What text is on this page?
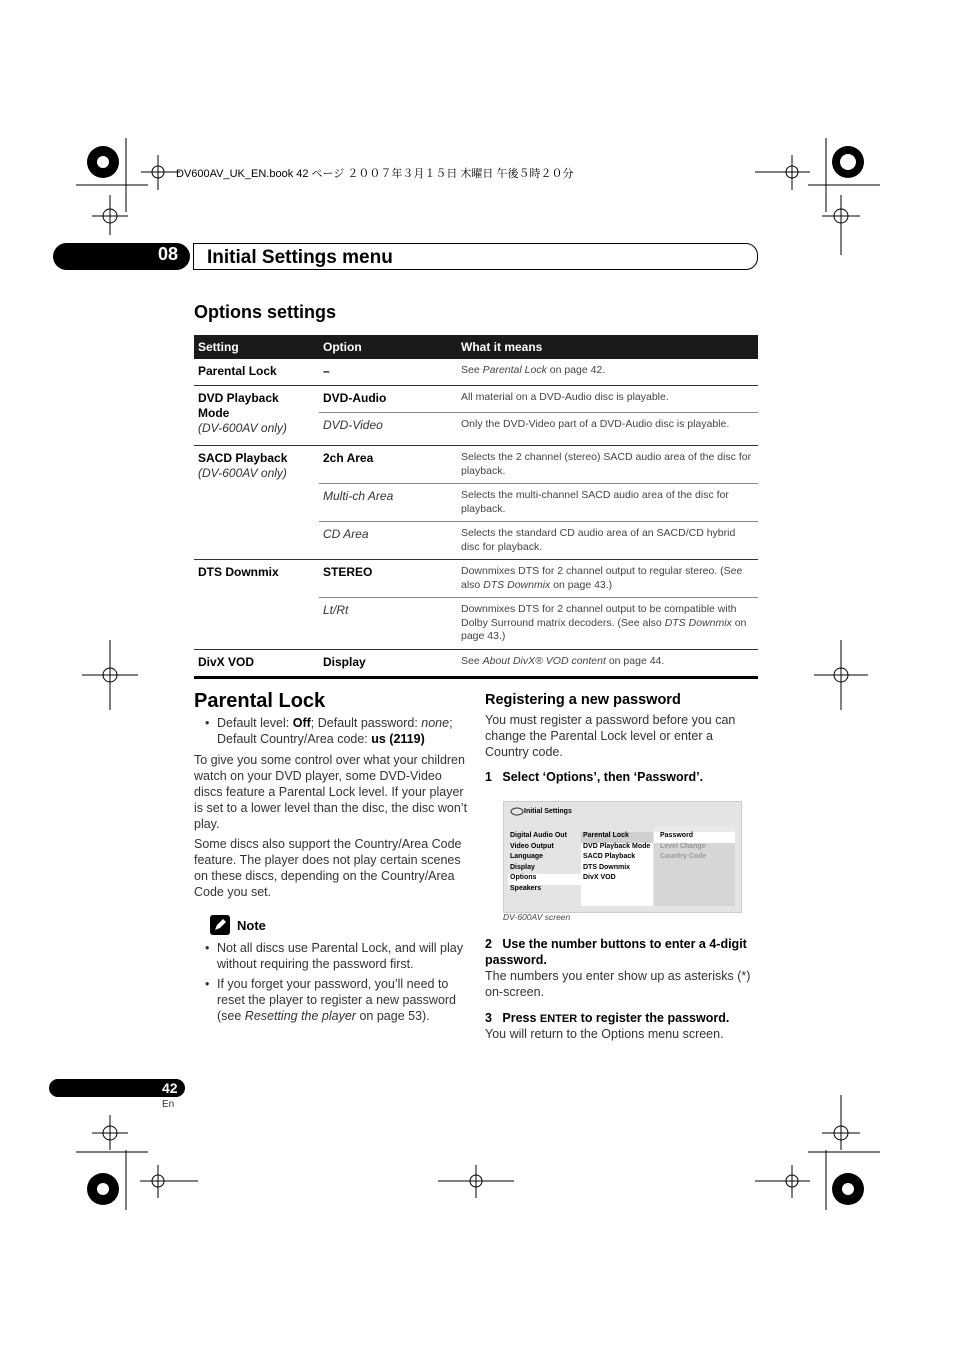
DV600AV_UK_EN.book 42 ページ ２００７年３月１５日 木曜日 午後５時２０分
08 Initial Settings menu
Options settings
Setting	Option	What it means
Parental Lock	–	See Parental Lock on page 42.
DVD Playback
Mode
(DV-600AV only)	DVD-Audio	All material on a DVD-Audio disc is playable.
	DVD-Video	Only the DVD-Video part of a DVD-Audio disc is playable.
SACD Playback
(DV-600AV only)	2ch Area	Selects the 2 channel (stereo) SACD audio area of the disc for playback.
	Multi-ch Area	Selects the multi-channel SACD audio area of the disc for playback.
	CD Area	Selects the standard CD audio area of an SACD/CD hybrid disc for playback.
DTS Downmix	STEREO	Downmixes DTS for 2 channel output to regular stereo. (See also DTS Downmix on page 43.)
	Lt/Rt	Downmixes DTS for 2 channel output to be compatible with Dolby Surround matrix decoders. (See also DTS Downmix on page 43.)
DivX VOD	Display	See About DivX® VOD content on page 44.
Parental Lock
• Default level: Off; Default password: none; Default Country/Area code: us (2119)
To give you some control over what your children watch on your DVD player, some DVD-Video discs feature a Parental Lock level. If your player is set to a lower level than the disc, the disc won’t play.
Some discs also support the Country/Area Code feature. The player does not play certain scenes on these discs, depending on the Country/Area Code you set.
Note
• Not all discs use Parental Lock, and will play without requiring the password first.
• If you forget your password, you’ll need to reset the player to register a new password (see Resetting the player on page 53).
Registering a new password
You must register a password before you can change the Parental Lock level or enter a Country code.
1 Select ‘Options’, then ‘Password’.
Initial Settings
Digital Audio Out
Video Output
Language
Display
Options
Speakers
Parental Lock
DVD Playback Mode
SACD Playback
DTS Downmix
DivX VOD
Password
Level Change
Country Code
DV-600AV screen
2 Use the number buttons to enter a 4-digit password.
The numbers you enter show up as asterisks (*) on-screen.
3 Press ENTER to register the password.
You will return to the Options menu screen.
42
En
